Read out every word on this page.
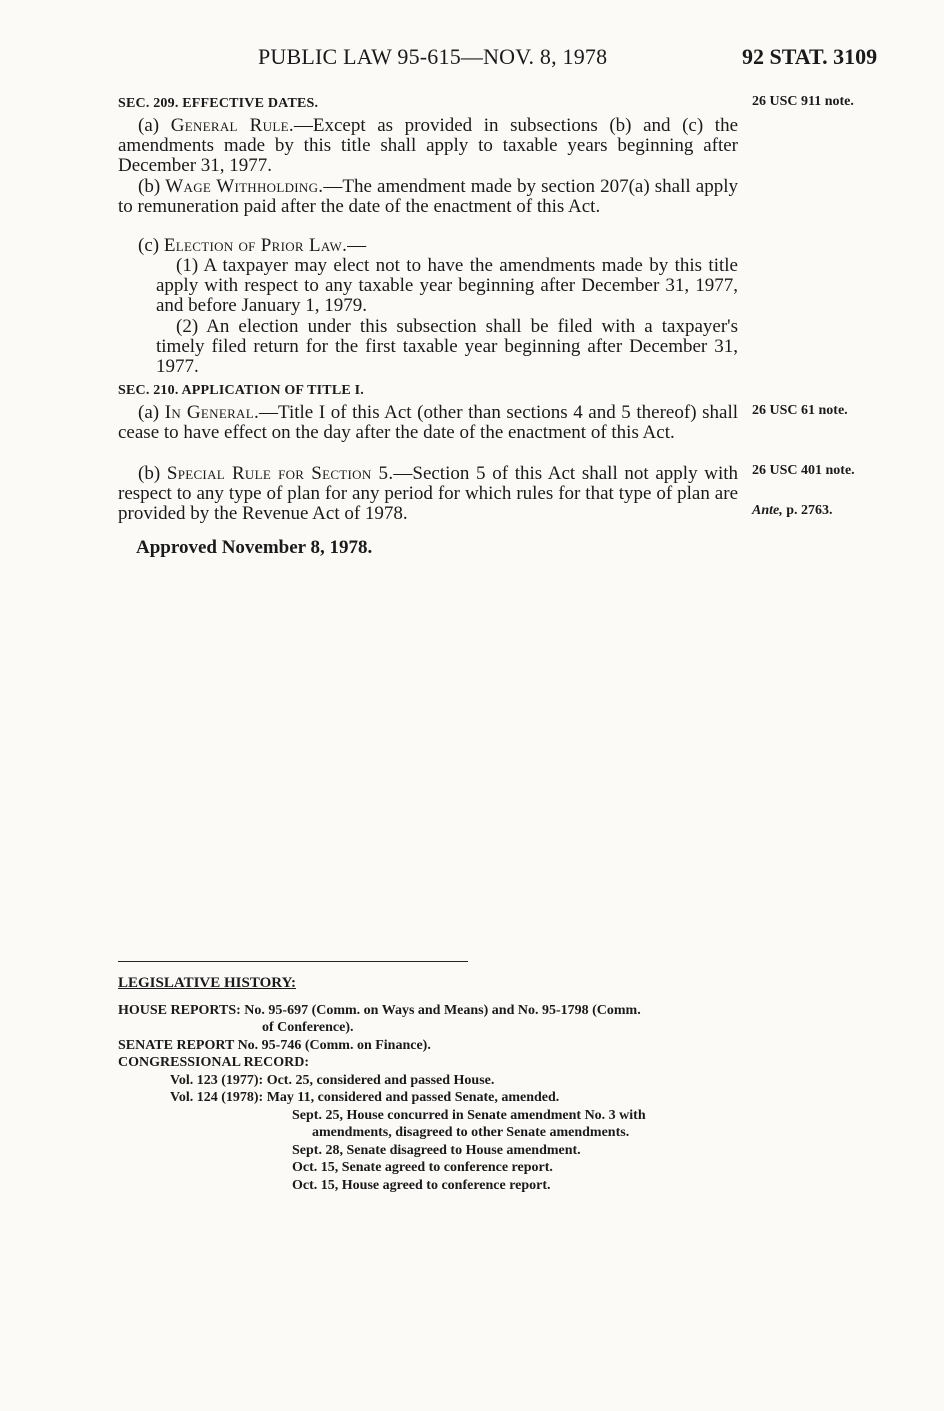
PUBLIC LAW 95-615—NOV. 8, 1978	92 STAT. 3109
SEC. 209. EFFECTIVE DATES.	26 USC 911 note.
(a) General Rule.—Except as provided in subsections (b) and (c) the amendments made by this title shall apply to taxable years beginning after December 31, 1977.
(b) Wage Withholding.—The amendment made by section 207(a) shall apply to remuneration paid after the date of the enactment of this Act.
(c) Election of Prior Law.—
(1) A taxpayer may elect not to have the amendments made by this title apply with respect to any taxable year beginning after December 31, 1977, and before January 1, 1979.
(2) An election under this subsection shall be filed with a taxpayer's timely filed return for the first taxable year beginning after December 31, 1977.
SEC. 210. APPLICATION OF TITLE I.
(a) In General.—Title I of this Act (other than sections 4 and 5 thereof) shall cease to have effect on the day after the date of the enactment of this Act.
26 USC 61 note.
(b) Special Rule for Section 5.—Section 5 of this Act shall not apply with respect to any type of plan for any period for which rules for that type of plan are provided by the Revenue Act of 1978.
26 USC 401 note.
Ante, p. 2763.
Approved November 8, 1978.
LEGISLATIVE HISTORY:
HOUSE REPORTS: No. 95-697 (Comm. on Ways and Means) and No. 95-1798 (Comm.
of Conference).
SENATE REPORT No. 95-746 (Comm. on Finance).
CONGRESSIONAL RECORD:
Vol. 123 (1977): Oct. 25, considered and passed House.
Vol. 124 (1978): May 11, considered and passed Senate, amended.
Sept. 25, House concurred in Senate amendment No. 3 with
amendments, disagreed to other Senate amendments.
Sept. 28, Senate disagreed to House amendment.
Oct. 15, Senate agreed to conference report.
Oct. 15, House agreed to conference report.
